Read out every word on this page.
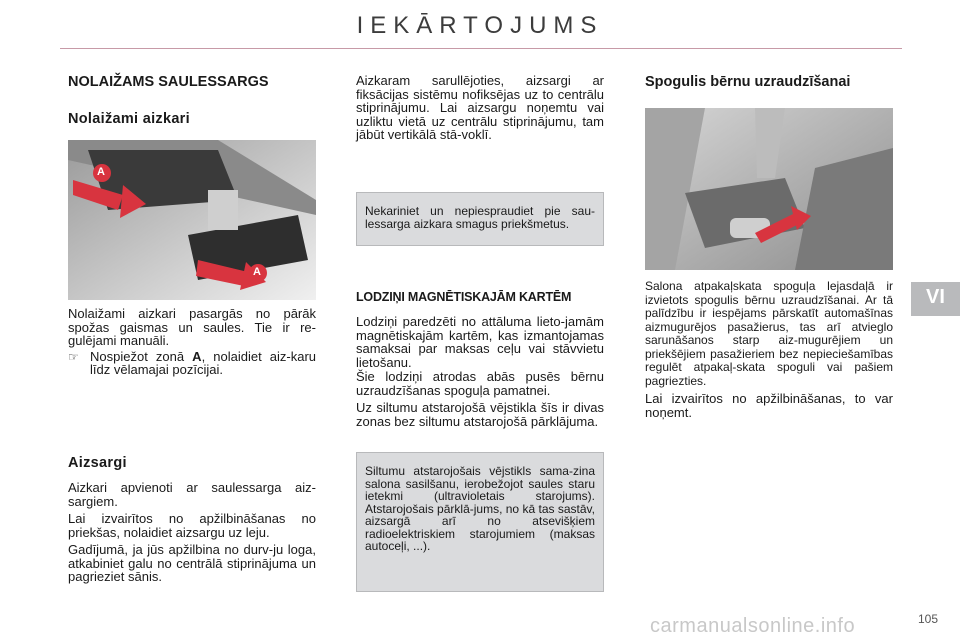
IEKĀRTOJUMS
NOLAIŽAMS SAULESSARGS
Nolaižami aizkari
A
A

Nolaižami aizkari pasargās no pārāk spožas gaismas un saules. Tie ir re-gulējami manuāli.

☞ Nospiežot zonā A, nolaidiet aiz-karu līdz vēlamajai pozīcijai.

Aizsargi

Aizkari apvienoti ar saulessarga aiz-sargiem.

Lai izvairītos no apžilbināšanas no priekšas, nolaidiet aizsargu uz leju.

Gadījumā, ja jūs apžilbina no durv-ju loga, atkabiniet galu no centrālā stiprinājuma un pagrieziet sānis.

Aizkaram sarullējoties, aizsargi ar fiksācijas sistēmu nofiksējas uz to centrālu stiprinājumu. Lai aizsargu noņemtu vai uzliktu vietā uz centrālu stiprinājumu, tam jābūt vertikālā stā-voklī.

Nekariniet un nepiespraudiet pie sau-lessarga aizkara smagus priekšmetus.

LODZIŅI MAGNĒTISKAJĀM KARTĒM

Lodziņi paredzēti no attāluma lieto-jamām magnētiskajām kartēm, kas izmantojamas samaksai par maksas ceļu vai stāvvietu lietošanu.

Šie lodziņi atrodas abās pusēs bērnu uzraudzīšanas spoguļa pamatnei.

Uz siltumu atstarojošā vējstikla šīs ir divas zonas bez siltumu atstarojošā pārklājuma.

Siltumu atstarojošais vējstikls sama-zina salona sasilšanu, ierobežojot saules staru ietekmi (ultravioletais starojums). Atstarojošais pārklā-jums, no kā tas sastāv, aizsargā arī no atsevišķiem radioelektriskiem starojumiem (maksas autoceļi, ...).

Spogulis bērnu uzraudzīšanai

Salona atpakaļskata spoguļa lejasdaļā ir izvietots spogulis bērnu uzraudzīšanai. Ar tā palīdzību ir iespējams pārskatīt automašīnas aizmugurējos pasažierus, tas arī atvieglo sarunāšanos starp aiz-mugurējiem un priekšējiem pasažieriem bez nepieciešamības regulēt atpakaļ-skata spoguli vai pašiem pagriezties.

Lai izvairītos no apžilbināšanas, to var noņemt.

VI
carmanualsonline.info	105
